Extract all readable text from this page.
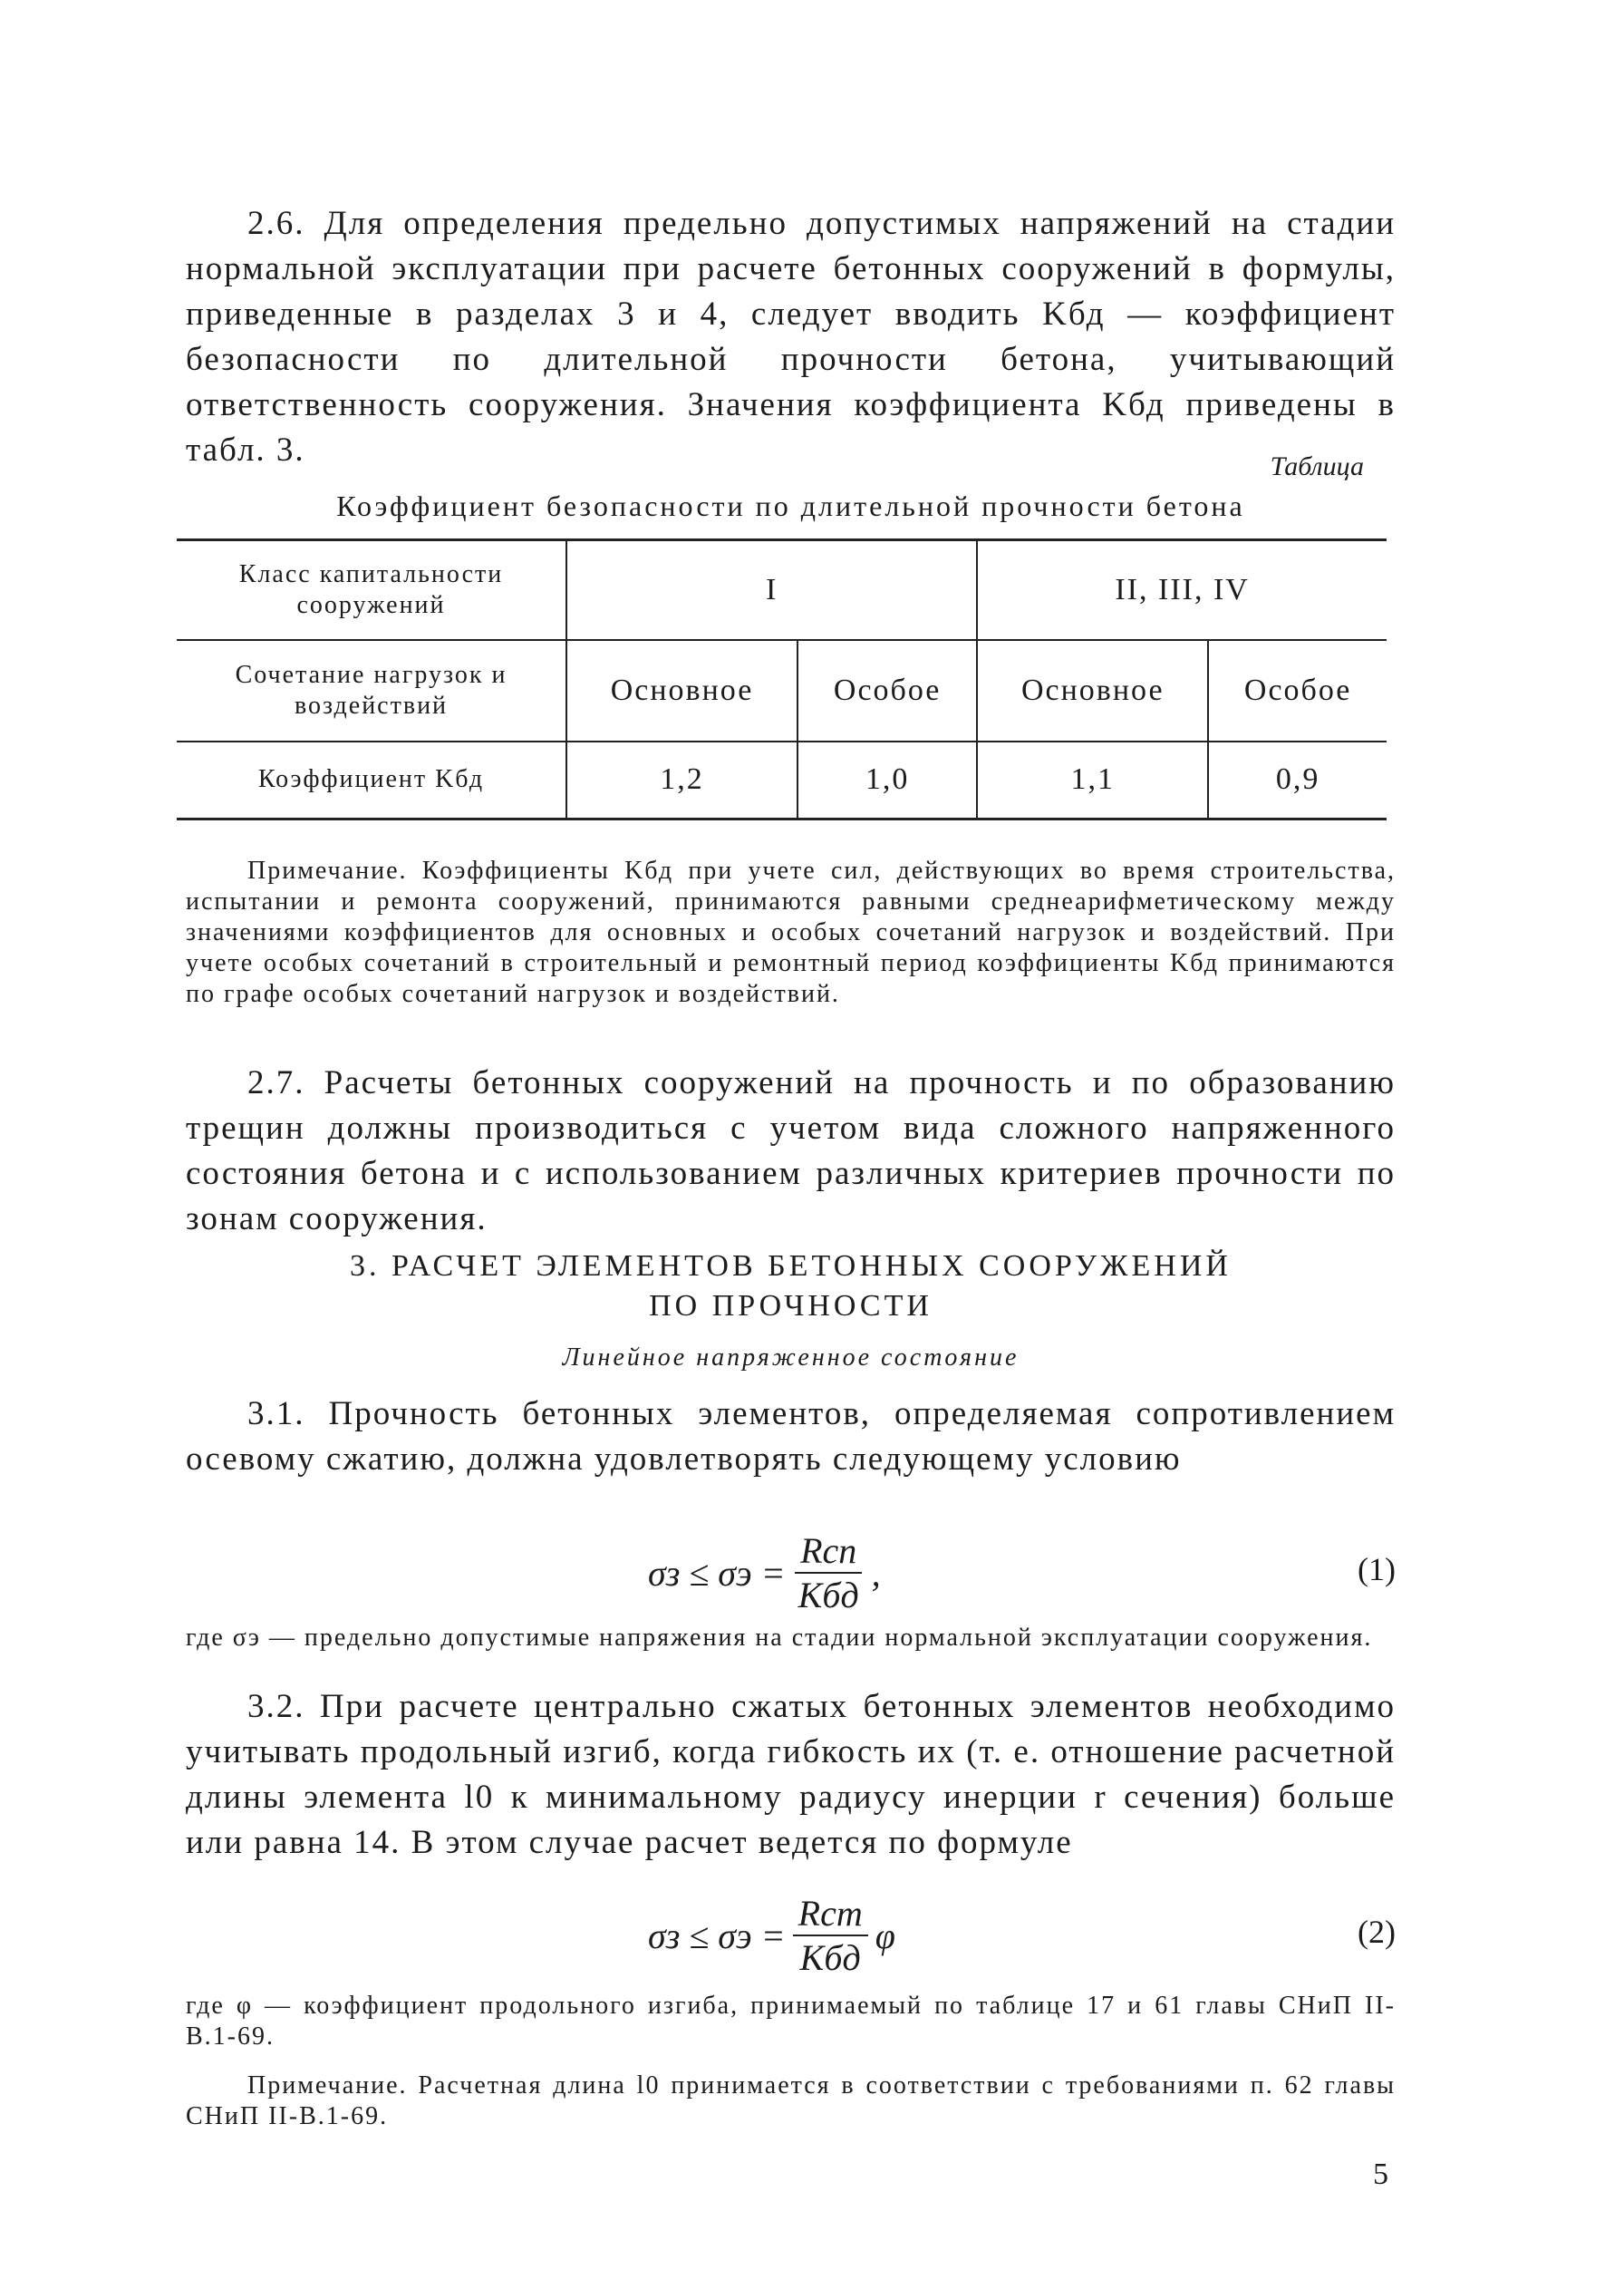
2.6. Для определения предельно допустимых напряжений на стадии нормальной эксплуатации при расчете бетонных сооружений в формулы, приведенные в разделах 3 и 4, следует вводить Kбд — коэффициент безопасности по длительной прочности бетона, учитывающий ответственность сооружения. Значения коэффициента Kбд приведены в табл. 3.	Таблица

Коэффициент безопасности по длительной прочности бетона

Класс капитальности сооружений	I		II, III, IV	
Сочетание нагрузок и воздействий	Основное	Особое	Основное	Особое
Коэффициент Kбд	1,2	1,0	1,1	0,9

Примечание. Коэффициенты Kбд при учете сил, действующих во время строительства, испытании и ремонта сооружений, принимаются равными среднеарифметическому между значениями коэффициентов для основных и особых сочетаний нагрузок и воздействий. При учете особых сочетаний в строительный и ремонтный период коэффициенты Kбд принимаются по графе особых сочетаний нагрузок и воздействий.

2.7. Расчеты бетонных сооружений на прочность и по образованию трещин должны производиться с учетом вида сложного напряженного состояния бетона и с использованием различных критериев прочности по зонам сооружения.

3. РАСЧЕТ ЭЛЕМЕНТОВ БЕТОННЫХ СООРУЖЕНИЙ

ПО ПРОЧНОСТИ

Линейное напряженное состояние

3.1. Прочность бетонных элементов, определяемая сопротивлением осевому сжатию, должна удовлетворять следующему условию

$\sigma з \le \sigma э = \frac{\text{Rсп}}{\text{Kбд}}$ ,	(1)

где σэ — предельно допустимые напряжения на стадии нормальной эксплуатации сооружения.

3.2. При расчете центрально сжатых бетонных элементов необходимо учитывать продольный изгиб, когда гибкость их (т. е. отношение расчетной длины элемента l0 к минимальному радиусу инерции r сечения) больше или равна 14. В этом случае расчет ведется по формуле

$\sigma з \le \sigma э = \frac{\text{Rст}}{\text{Kбд}}$ φ	(2)

где φ — коэффициент продольного изгиба, принимаемый по таблице 17 и 61 главы СНиП II-В.1-69.

Примечание. Расчетная длина l0 принимается в соответствии с требованиями п. 62 главы СНиП II-В.1-69.

5
